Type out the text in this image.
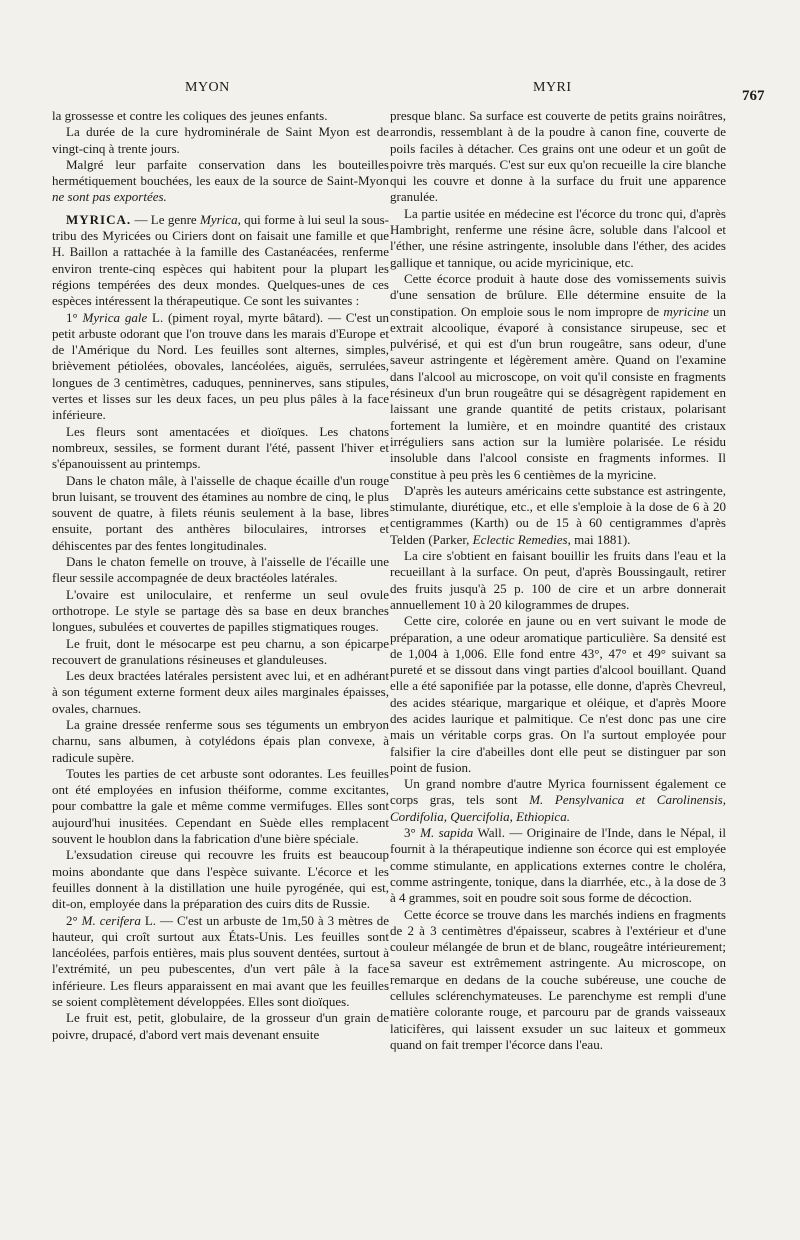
MYON	MYRI
767

la grossesse et contre les coliques des jeunes enfants.

La durée de la cure hydrominérale de Saint Myon est de vingt-cinq à trente jours.

Malgré leur parfaite conservation dans les bouteilles hermétiquement bouchées, les eaux de la source de Saint-Myon ne sont pas exportées.

MYRICA. — Le genre Myrica, qui forme à lui seul la sous-tribu des Myricées ou Ciriers dont on faisait une famille et que H. Baillon a rattachée à la famille des Castanéacées, renferme environ trente-cinq espèces qui habitent pour la plupart les régions tempérées des deux mondes. Quelques-unes de ces espèces intéressent la thérapeutique. Ce sont les suivantes :

1° Myrica gale L. (piment royal, myrte bâtard). — C'est un petit arbuste odorant que l'on trouve dans les marais d'Europe et de l'Amérique du Nord. Les feuilles sont alternes, simples, brièvement pétiolées, obovales, lancéolées, aiguës, serrulées, longues de 3 centimètres, caduques, penninerves, sans stipules, vertes et lisses sur les deux faces, un peu plus pâles à la face inférieure.

Les fleurs sont amentacées et dioïques. Les chatons nombreux, sessiles, se forment durant l'été, passent l'hiver et s'épanouissent au printemps.

Dans le chaton mâle, à l'aisselle de chaque écaille d'un rouge brun luisant, se trouvent des étamines au nombre de cinq, le plus souvent de quatre, à filets réunis seulement à la base, libres ensuite, portant des anthères biloculaires, introrses et déhiscentes par des fentes longitudinales.

Dans le chaton femelle on trouve, à l'aisselle de l'écaille une fleur sessile accompagnée de deux bractéoles latérales.

L'ovaire est uniloculaire, et renferme un seul ovule orthotrope. Le style se partage dès sa base en deux branches longues, subulées et couvertes de papilles stigmatiques rouges.

Le fruit, dont le mésocarpe est peu charnu, a son épicarpe recouvert de granulations résineuses et glanduleuses.

Les deux bractées latérales persistent avec lui, et en adhérant à son tégument externe forment deux ailes marginales épaisses, ovales, charnues.

La graine dressée renferme sous ses téguments un embryon charnu, sans albumen, à cotylédons épais plan convexe, à radicule supère.

Toutes les parties de cet arbuste sont odorantes. Les feuilles ont été employées en infusion théiforme, comme excitantes, pour combattre la gale et même comme vermifuges. Elles sont aujourd'hui inusitées. Cependant en Suède elles remplacent souvent le houblon dans la fabrication d'une bière spéciale.

L'exsudation cireuse qui recouvre les fruits est beaucoup moins abondante que dans l'espèce suivante. L'écorce et les feuilles donnent à la distillation une huile pyrogénée, qui est, dit-on, employée dans la préparation des cuirs dits de Russie.

2° M. cerifera L. — C'est un arbuste de 1m,50 à 3 mètres de hauteur, qui croît surtout aux États-Unis. Les feuilles sont lancéolées, parfois entières, mais plus souvent dentées, surtout à l'extrémité, un peu pubescentes, d'un vert pâle à la face inférieure. Les fleurs apparaissent en mai avant que les feuilles se soient complètement développées. Elles sont dioïques.

Le fruit est, petit, globulaire, de la grosseur d'un grain de poivre, drupacé, d'abord vert mais devenant ensuite

presque blanc. Sa surface est couverte de petits grains noirâtres, arrondis, ressemblant à de la poudre à canon fine, couverte de poils faciles à détacher. Ces grains ont une odeur et un goût de poivre très marqués. C'est sur eux qu'on recueille la cire blanche qui les couvre et donne à la surface du fruit une apparence granulée.

La partie usitée en médecine est l'écorce du tronc qui, d'après Hambright, renferme une résine âcre, soluble dans l'alcool et l'éther, une résine astringente, insoluble dans l'éther, des acides gallique et tannique, ou acide myricinique, etc.

Cette écorce produit à haute dose des vomissements suivis d'une sensation de brûlure. Elle détermine ensuite de la constipation. On emploie sous le nom impropre de myricine un extrait alcoolique, évaporé à consistance sirupeuse, sec et pulvérisé, et qui est d'un brun rougeâtre, sans odeur, d'une saveur astringente et légèrement amère. Quand on l'examine dans l'alcool au microscope, on voit qu'il consiste en fragments résineux d'un brun rougeâtre qui se désagrègent rapidement en laissant une grande quantité de petits cristaux, polarisant fortement la lumière, et en moindre quantité des cristaux irréguliers sans action sur la lumière polarisée. Le résidu insoluble dans l'alcool consiste en fragments informes. Il constitue à peu près les 6 centièmes de la myricine.

D'après les auteurs américains cette substance est astringente, stimulante, diurétique, etc., et elle s'emploie à la dose de 6 à 20 centigrammes (Karth) ou de 15 à 60 centigrammes d'après Telden (Parker, Eclectic Remedies, mai 1881).

La cire s'obtient en faisant bouillir les fruits dans l'eau et la recueillant à la surface. On peut, d'après Boussingault, retirer des fruits jusqu'à 25 p. 100 de cire et un arbre donnerait annuellement 10 à 20 kilogrammes de drupes.

Cette cire, colorée en jaune ou en vert suivant le mode de préparation, a une odeur aromatique particulière. Sa densité est de 1,004 à 1,006. Elle fond entre 43°, 47° et 49° suivant sa pureté et se dissout dans vingt parties d'alcool bouillant. Quand elle a été saponifiée par la potasse, elle donne, d'après Chevreul, des acides stéarique, margarique et oléique, et d'après Moore des acides laurique et palmitique. Ce n'est donc pas une cire mais un véritable corps gras. On l'a surtout employée pour falsifier la cire d'abeilles dont elle peut se distinguer par son point de fusion.

Un grand nombre d'autre Myrica fournissent également ce corps gras, tels sont M. Pensylvanica et Carolinensis, Cordifolia, Quercifolia, Ethiopica.

3° M. sapida Wall. — Originaire de l'Inde, dans le Népal, il fournit à la thérapeutique indienne son écorce qui est employée comme stimulante, en applications externes contre le choléra, comme astringente, tonique, dans la diarrhée, etc., à la dose de 3 à 4 grammes, soit en poudre soit sous forme de décoction.

Cette écorce se trouve dans les marchés indiens en fragments de 2 à 3 centimètres d'épaisseur, scabres à l'extérieur et d'une couleur mélangée de brun et de blanc, rougeâtre intérieurement; sa saveur est extrêmement astringente. Au microscope, on remarque en dedans de la couche subéreuse, une couche de cellules sclérenchymateuses. Le parenchyme est rempli d'une matière colorante rouge, et parcouru par de grands vaisseaux laticifères, qui laissent exsuder un suc laiteux et gommeux quand on fait tremper l'écorce dans l'eau.
